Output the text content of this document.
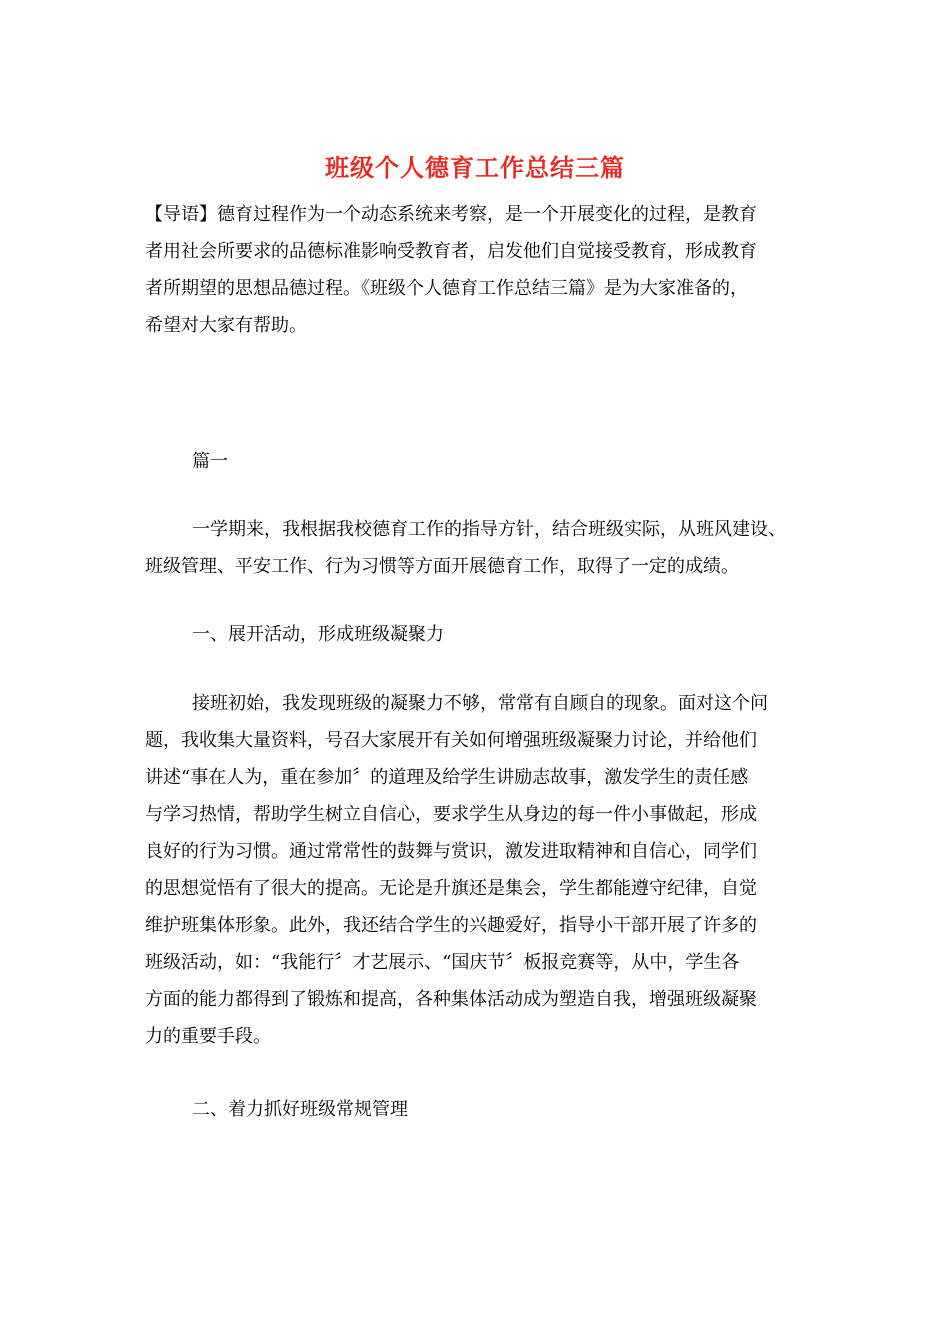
班级个人德育工作总结三篇
【导语】德育过程作为一个动态系统来考察，是一个开展变化的过程，是教育
者用社会所要求的品德标准影响受教育者，启发他们自觉接受教育，形成教育
者所期望的思想品德过程。《班级个人德育工作总结三篇》是为大家准备的，
希望对大家有帮助。
篇一
一学期来，我根据我校德育工作的指导方针，结合班级实际，从班风建设、
班级管理、平安工作、行为习惯等方面开展德育工作，取得了一定的成绩。
一、展开活动，形成班级凝聚力
接班初始，我发现班级的凝聚力不够，常常有自顾自的现象。面对这个问
题，我收集大量资料，号召大家展开有关如何增强班级凝聚力讨论，并给他们
讲述“事在人为，重在参加〞的道理及给学生讲励志故事，激发学生的责任感
与学习热情，帮助学生树立自信心，要求学生从身边的每一件小事做起，形成
良好的行为习惯。通过常常性的鼓舞与赏识，激发进取精神和自信心，同学们
的思想觉悟有了很大的提高。无论是升旗还是集会，学生都能遵守纪律，自觉
维护班集体形象。此外，我还结合学生的兴趣爱好，指导小干部开展了许多的
班级活动，如：“我能行〞才艺展示、“国庆节〞板报竞赛等，从中，学生各
方面的能力都得到了锻炼和提高，各种集体活动成为塑造自我，增强班级凝聚
力的重要手段。
二、着力抓好班级常规管理
